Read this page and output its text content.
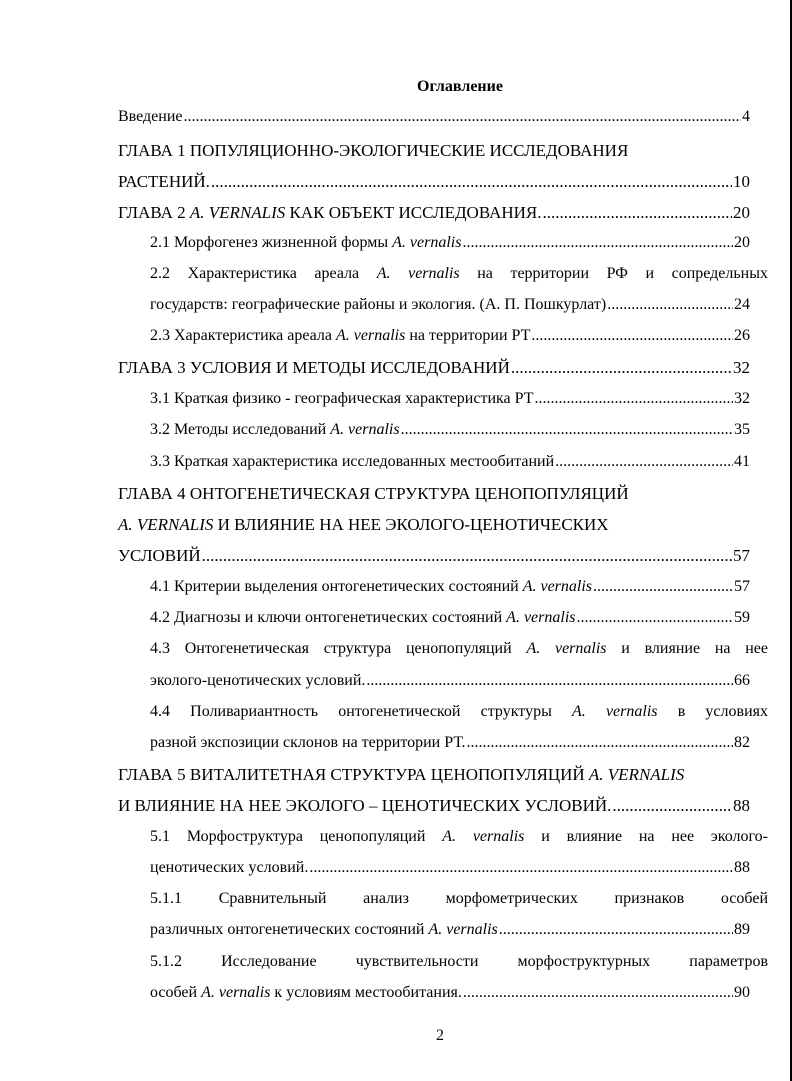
Оглавление
Введение .....	4
ГЛАВА 1 ПОПУЛЯЦИОННО-ЭКОЛОГИЧЕСКИЕ ИССЛЕДОВАНИЯ
РАСТЕНИЙ. .....	10
ГЛАВА 2 A. VERNALIS КАК ОБЪЕКТ ИССЛЕДОВАНИЯ. .....	20
2.1 Морфогенез жизненной формы A. vernalis .....	20
2.2 Характеристика ареала A. vernalis на территории РФ и сопредельных
государств: географические районы и экология. (А. П. Пошкурлат) .....	24
2.3 Характеристика ареала A. vernalis на территории РТ .....	26
ГЛАВА 3 УСЛОВИЯ И МЕТОДЫ ИССЛЕДОВАНИЙ .....	32
3.1 Краткая физико - географическая характеристика РТ .....	32
3.2 Методы исследований A. vernalis .....	35
3.3 Краткая характеристика исследованных местообитаний .....	41
ГЛАВА 4 ОНТОГЕНЕТИЧЕСКАЯ СТРУКТУРА ЦЕНОПОПУЛЯЦИЙ
A. VERNALIS И ВЛИЯНИЕ НА НЕЕ ЭКОЛОГО-ЦЕНОТИЧЕСКИХ
УСЛОВИЙ .....	57
4.1 Критерии выделения онтогенетических состояний A. vernalis .....	57
4.2 Диагнозы и ключи онтогенетических состояний A. vernalis .....	59
4.3 Онтогенетическая структура ценопопуляций A. vernalis и влияние на нее
эколого-ценотических условий. .....	66
4.4 Поливариантность онтогенетической структуры A. vernalis в условиях
разной экспозиции склонов на территории РТ. .....	82
ГЛАВА 5 ВИТАЛИТЕТНАЯ СТРУКТУРА ЦЕНОПОПУЛЯЦИЙ A. VERNALIS
И ВЛИЯНИЕ НА НЕЕ ЭКОЛОГО – ЦЕНОТИЧЕСКИХ УСЛОВИЙ. .....	88
5.1 Морфоструктура ценопопуляций A. vernalis и влияние на нее эколого-
ценотических условий. .....	88
5.1.1 Сравнительный анализ морфометрических признаков особей
различных онтогенетических состояний A. vernalis .....	89
5.1.2 Исследование чувствительности морфоструктурных параметров
особей A. vernalis к условиям местообитания. .....	90
2
